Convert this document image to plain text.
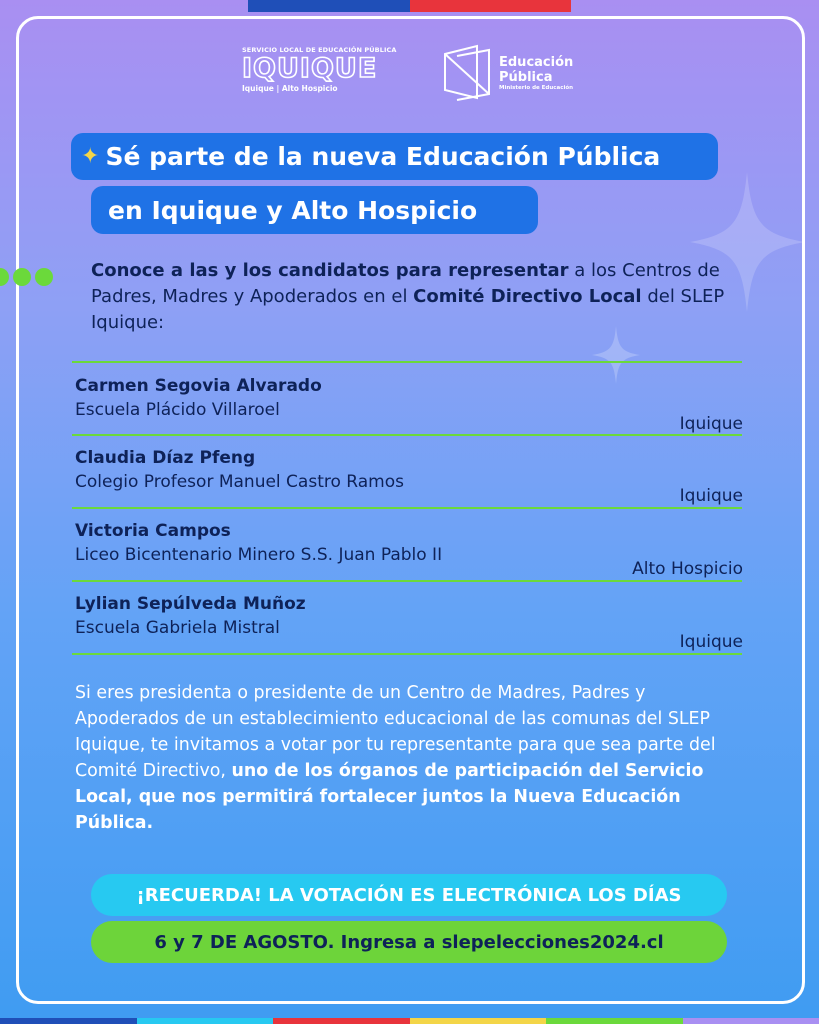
SERVICIO LOCAL DE EDUCACIÓN PÚBLICA
IQUIQUE
Iquique | Alto Hospicio
Educación
Pública
Ministerio de Educación
✦ Sé parte de la nueva Educación Pública
en Iquique y Alto Hospicio
Conoce a las y los candidatos para representar a los Centros de Padres, Madres y Apoderados en el Comité Directivo Local del SLEP Iquique:
Carmen Segovia Alvarado
Escuela Plácido Villaroel
Iquique
Claudia Díaz Pfeng
Colegio Profesor Manuel Castro Ramos
Iquique
Victoria Campos
Liceo Bicentenario Minero S.S. Juan Pablo II
Alto Hospicio
Lylian Sepúlveda Muñoz
Escuela Gabriela Mistral
Iquique
Si eres presidenta o presidente de un Centro de Madres, Padres y Apoderados de un establecimiento educacional de las comunas del SLEP Iquique, te invitamos a votar por tu representante para que sea parte del Comité Directivo, uno de los órganos de participación del Servicio Local, que nos permitirá fortalecer juntos la Nueva Educación Pública.
¡RECUERDA! LA VOTACIÓN ES ELECTRÓNICA LOS DÍAS
6 y 7 DE AGOSTO. Ingresa a slepelecciones2024.cl
